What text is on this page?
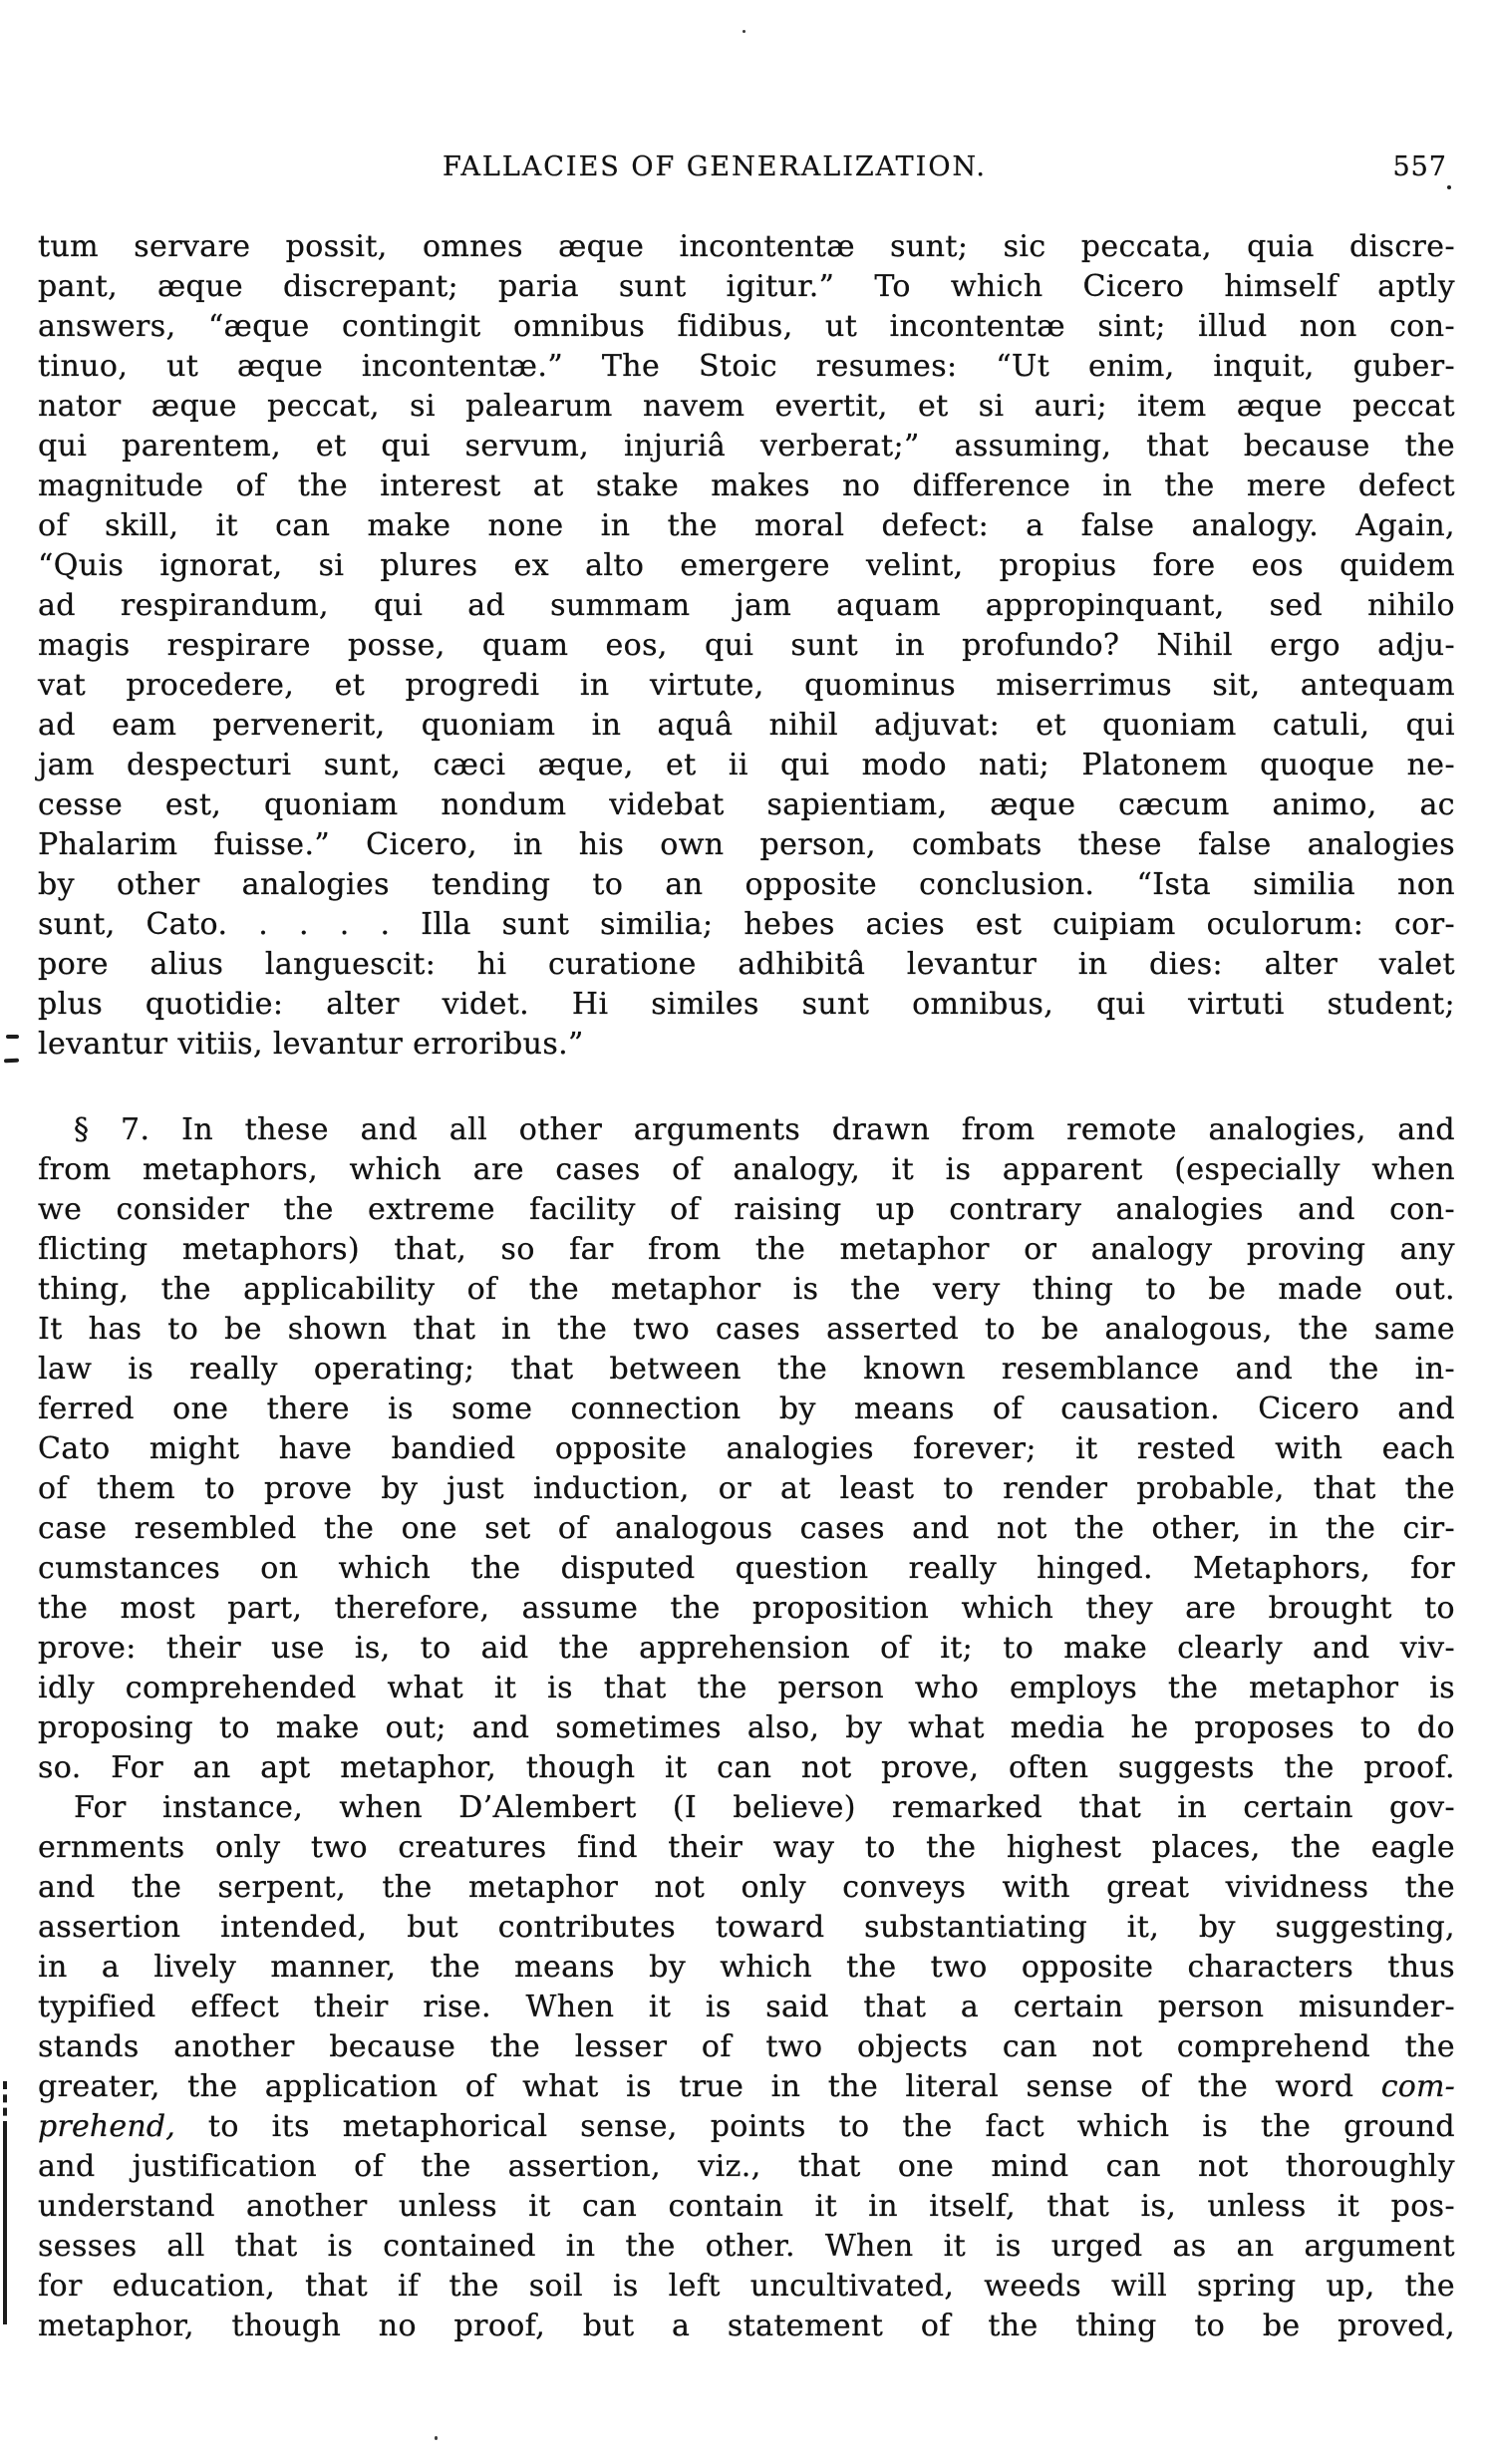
FALLACIES OF GENERALIZATION.	557
tum servare possit, omnes æque incontentæ sunt; sic peccata, quia discre-
pant, æque discrepant; paria sunt igitur.” To which Cicero himself aptly
answers, “æque contingit omnibus fidibus, ut incontentæ sint; illud non con-
tinuo, ut æque incontentæ.” The Stoic resumes: “Ut enim, inquit, guber-
nator æque peccat, si palearum navem evertit, et si auri; item æque peccat
qui parentem, et qui servum, injuriâ verberat;” assuming, that because the
magnitude of the interest at stake makes no difference in the mere defect
of skill, it can make none in the moral defect: a false analogy. Again,
“Quis ignorat, si plures ex alto emergere velint, propius fore eos quidem
ad respirandum, qui ad summam jam aquam appropinquant, sed nihilo
magis respirare posse, quam eos, qui sunt in profundo? Nihil ergo adju-
vat procedere, et progredi in virtute, quominus miserrimus sit, antequam
ad eam pervenerit, quoniam in aquâ nihil adjuvat: et quoniam catuli, qui
jam despecturi sunt, cæci æque, et ii qui modo nati; Platonem quoque ne-
cesse est, quoniam nondum videbat sapientiam, æque cæcum animo, ac
Phalarim fuisse.” Cicero, in his own person, combats these false analogies
by other analogies tending to an opposite conclusion. “Ista similia non
sunt, Cato. . . . . Illa sunt similia; hebes acies est cuipiam oculorum: cor-
pore alius languescit: hi curatione adhibitâ levantur in dies: alter valet
plus quotidie: alter videt. Hi similes sunt omnibus, qui virtuti student;
levantur vitiis, levantur erroribus.”
§ 7. In these and all other arguments drawn from remote analogies, and
from metaphors, which are cases of analogy, it is apparent (especially when
we consider the extreme facility of raising up contrary analogies and con-
flicting metaphors) that, so far from the metaphor or analogy proving any
thing, the applicability of the metaphor is the very thing to be made out.
It has to be shown that in the two cases asserted to be analogous, the same
law is really operating; that between the known resemblance and the in-
ferred one there is some connection by means of causation. Cicero and
Cato might have bandied opposite analogies forever; it rested with each
of them to prove by just induction, or at least to render probable, that the
case resembled the one set of analogous cases and not the other, in the cir-
cumstances on which the disputed question really hinged. Metaphors, for
the most part, therefore, assume the proposition which they are brought to
prove: their use is, to aid the apprehension of it; to make clearly and viv-
idly comprehended what it is that the person who employs the metaphor is
proposing to make out; and sometimes also, by what media he proposes to do
so. For an apt metaphor, though it can not prove, often suggests the proof.
For instance, when D’Alembert (I believe) remarked that in certain gov-
ernments only two creatures find their way to the highest places, the eagle
and the serpent, the metaphor not only conveys with great vividness the
assertion intended, but contributes toward substantiating it, by suggesting,
in a lively manner, the means by which the two opposite characters thus
typified effect their rise. When it is said that a certain person misunder-
stands another because the lesser of two objects can not comprehend the
greater, the application of what is true in the literal sense of the word com-
prehend, to its metaphorical sense, points to the fact which is the ground
and justification of the assertion, viz., that one mind can not thoroughly
understand another unless it can contain it in itself, that is, unless it pos-
sesses all that is contained in the other. When it is urged as an argument
for education, that if the soil is left uncultivated, weeds will spring up, the
metaphor, though no proof, but a statement of the thing to be proved,
